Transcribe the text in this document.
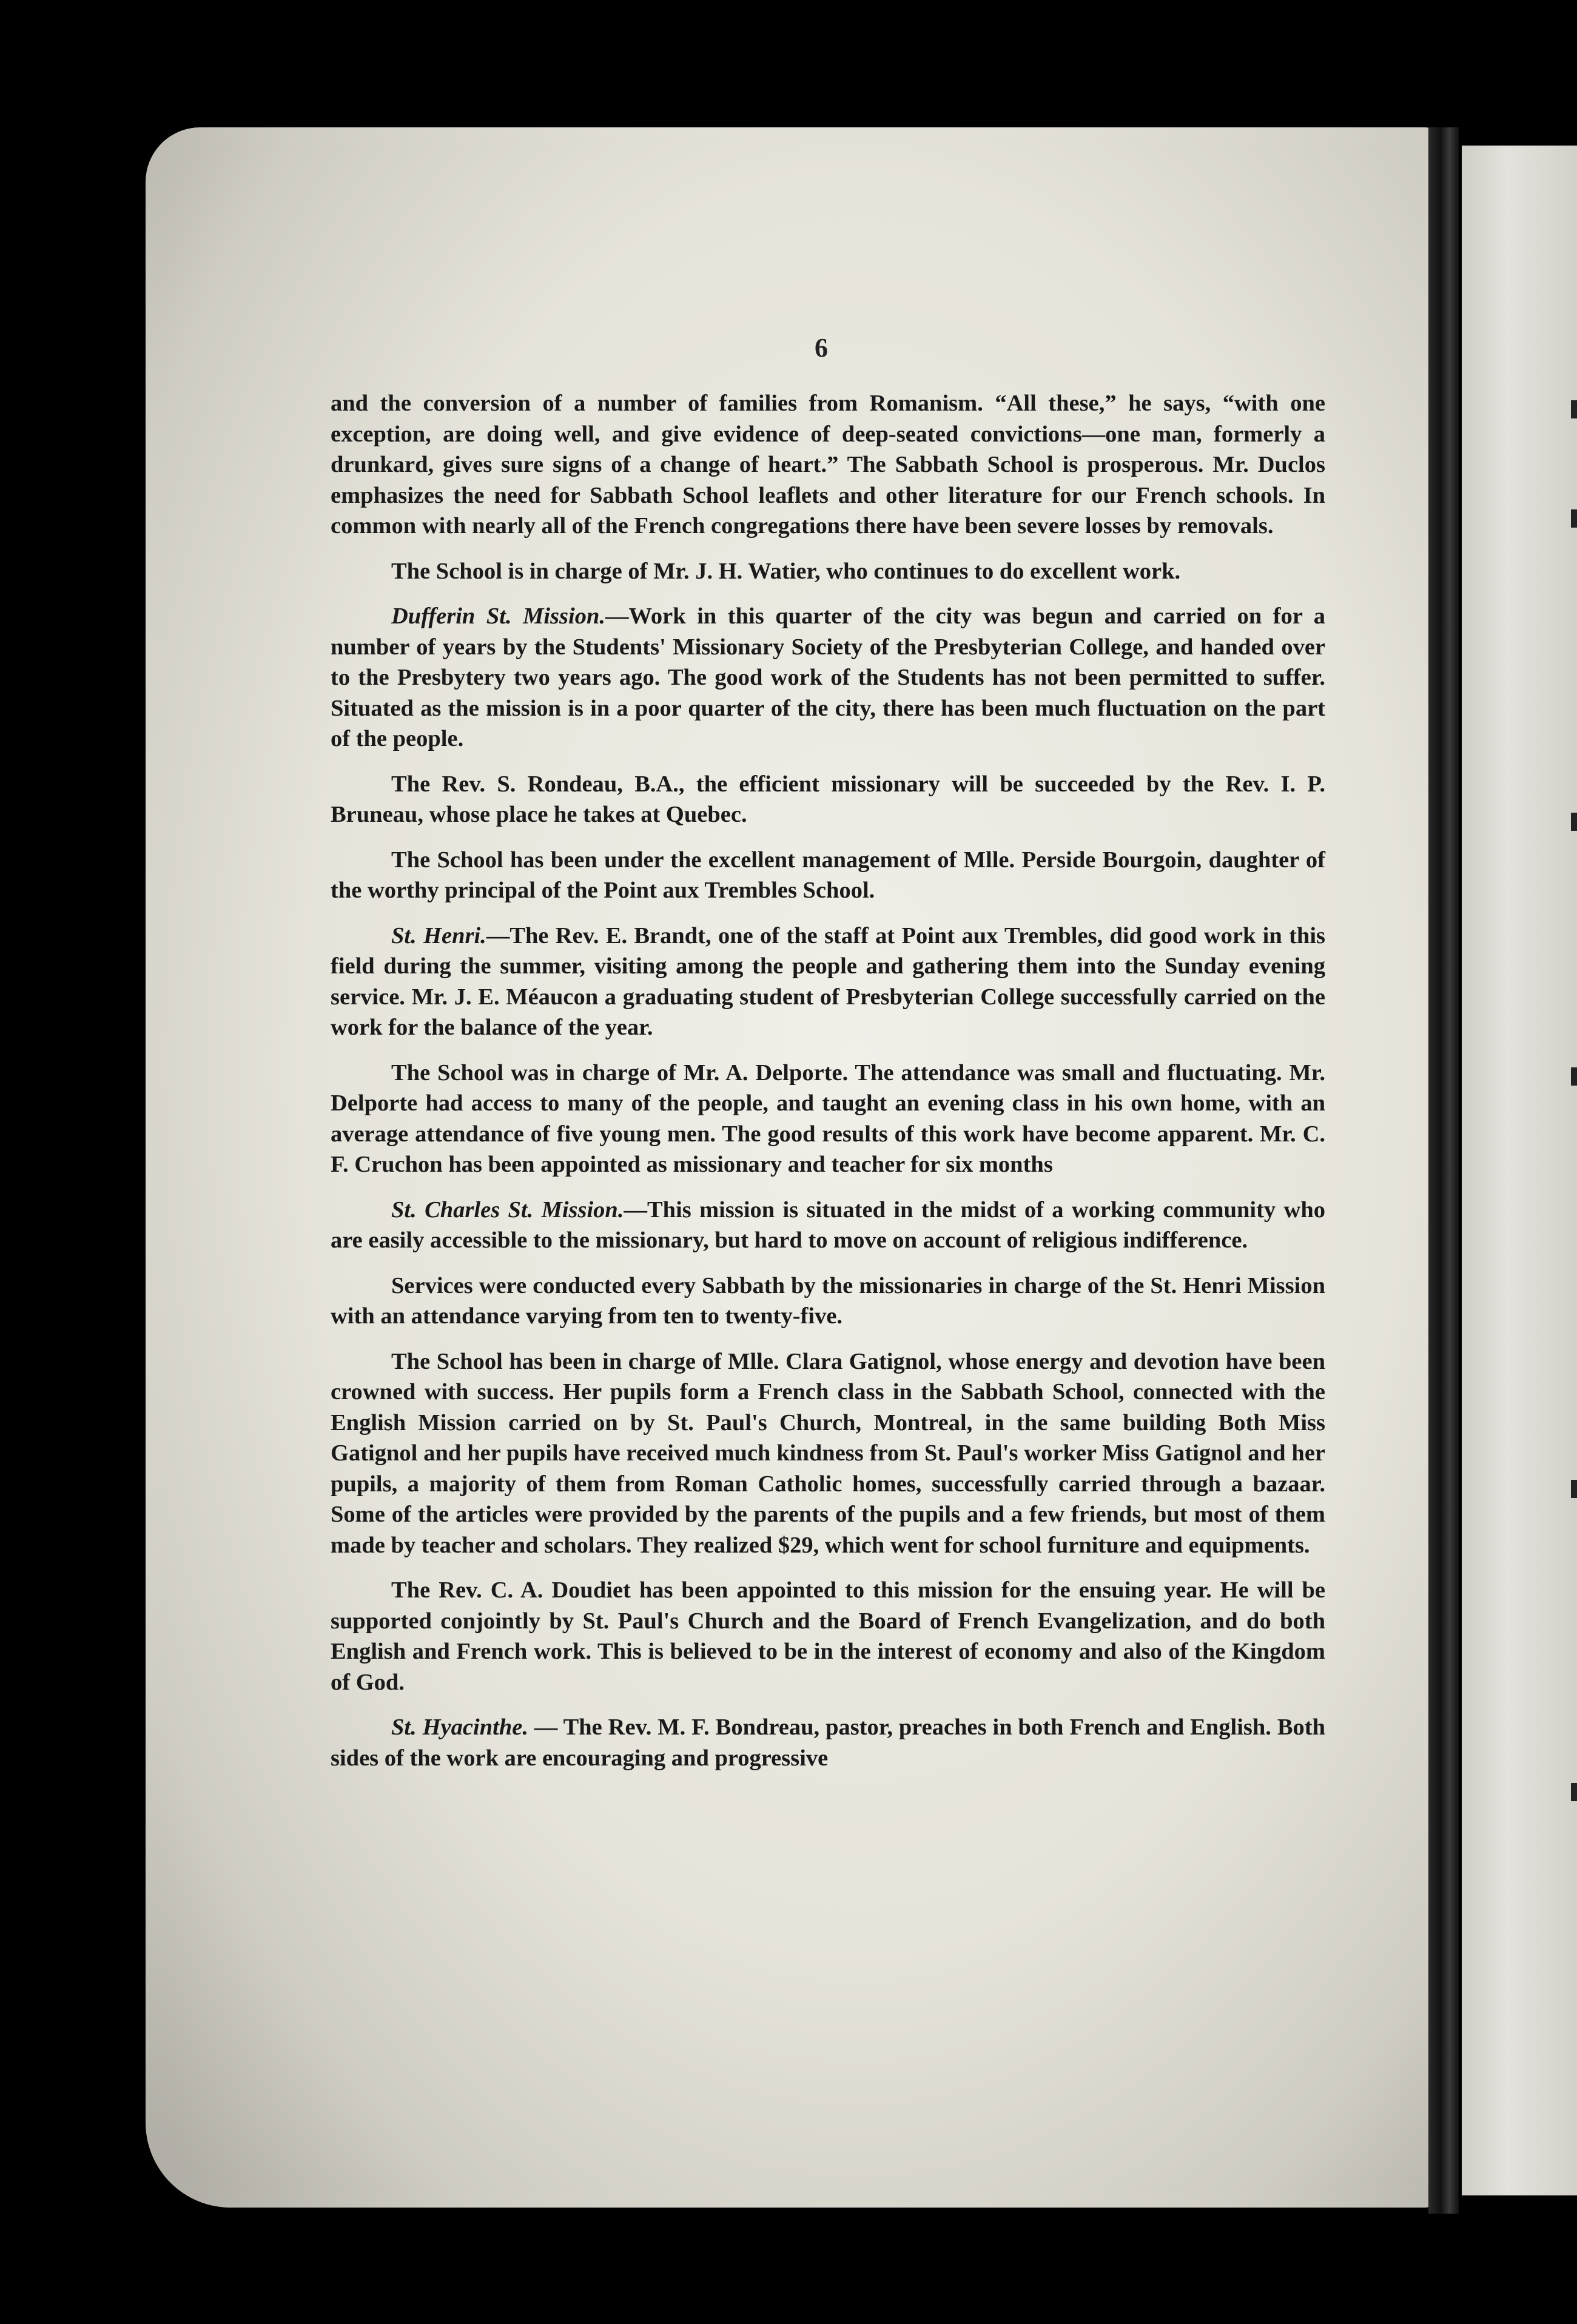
6

and the conversion of a number of families from Romanism. “All these,” he says, “with one exception, are doing well, and give evidence of deep-seated convictions—one man, formerly a drunkard, gives sure signs of a change of heart.” The Sabbath School is prosperous. Mr. Duclos emphasizes the need for Sabbath School leaflets and other literature for our French schools. In common with nearly all of the French congregations there have been severe losses by removals.

The School is in charge of Mr. J. H. Watier, who continues to do excellent work.

Dufferin St. Mission.—Work in this quarter of the city was begun and carried on for a number of years by the Students' Missionary Society of the Presbyterian College, and handed over to the Presbytery two years ago. The good work of the Students has not been permitted to suffer. Situated as the mission is in a poor quarter of the city, there has been much fluctuation on the part of the people.

The Rev. S. Rondeau, B.A., the efficient missionary will be succeeded by the Rev. I. P. Bruneau, whose place he takes at Quebec.

The School has been under the excellent management of Mlle. Perside Bourgoin, daughter of the worthy principal of the Point aux Trembles School.

St. Henri.—The Rev. E. Brandt, one of the staff at Point aux Trembles, did good work in this field during the summer, visiting among the people and gathering them into the Sunday evening service. Mr. J. E. Méaucon a graduating student of Presbyterian College successfully carried on the work for the balance of the year.

The School was in charge of Mr. A. Delporte. The attendance was small and fluctuating. Mr. Delporte had access to many of the people, and taught an evening class in his own home, with an average attendance of five young men. The good results of this work have become apparent. Mr. C. F. Cruchon has been appointed as missionary and teacher for six months

St. Charles St. Mission.—This mission is situated in the midst of a working community who are easily accessible to the missionary, but hard to move on account of religious indifference.

Services were conducted every Sabbath by the missionaries in charge of the St. Henri Mission with an attendance varying from ten to twenty-five.

The School has been in charge of Mlle. Clara Gatignol, whose energy and devotion have been crowned with success. Her pupils form a French class in the Sabbath School, connected with the English Mission carried on by St. Paul's Church, Montreal, in the same building Both Miss Gatignol and her pupils have received much kindness from St. Paul's worker Miss Gatignol and her pupils, a majority of them from Roman Catholic homes, successfully carried through a bazaar. Some of the articles were provided by the parents of the pupils and a few friends, but most of them made by teacher and scholars. They realized $29, which went for school furniture and equipments.

The Rev. C. A. Doudiet has been appointed to this mission for the ensuing year. He will be supported conjointly by St. Paul's Church and the Board of French Evangelization, and do both English and French work. This is believed to be in the interest of economy and also of the Kingdom of God.

St. Hyacinthe. — The Rev. M. F. Bondreau, pastor, preaches in both French and English. Both sides of the work are encouraging and progressive
